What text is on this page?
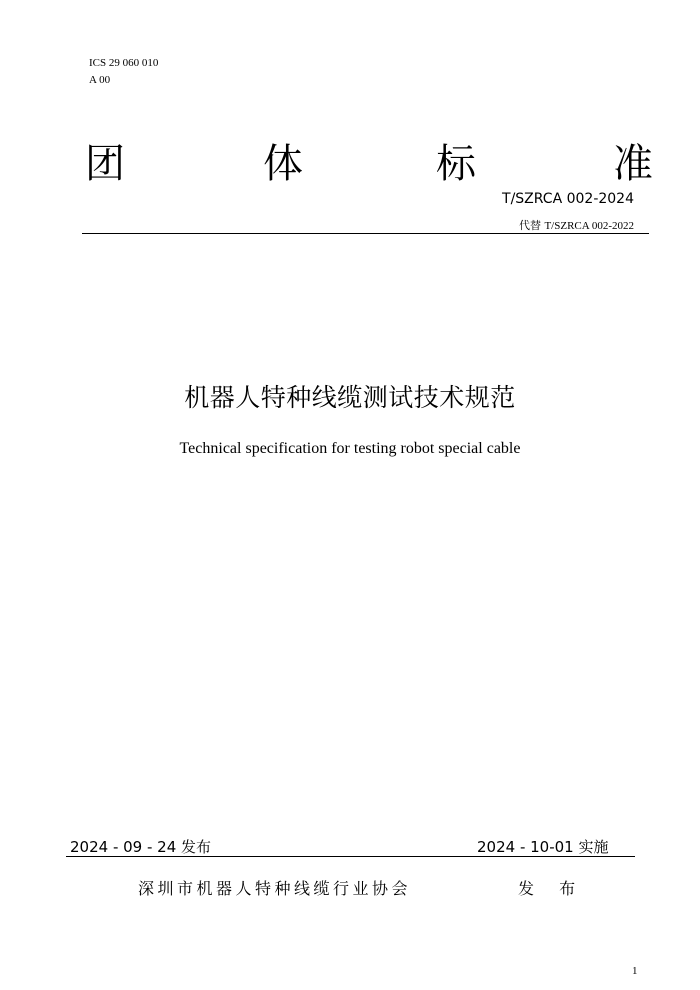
ICS 29 060 010
A 00
团	体	标	准
T/SZRCA 002-2024
代替 T/SZRCA 002-2022
机器人特种线缆测试技术规范
Technical specification for testing robot special cable
2024 - 09 - 24 发布	2024 - 10-01 实施
深圳市机器人特种线缆行业协会	发 布
1
